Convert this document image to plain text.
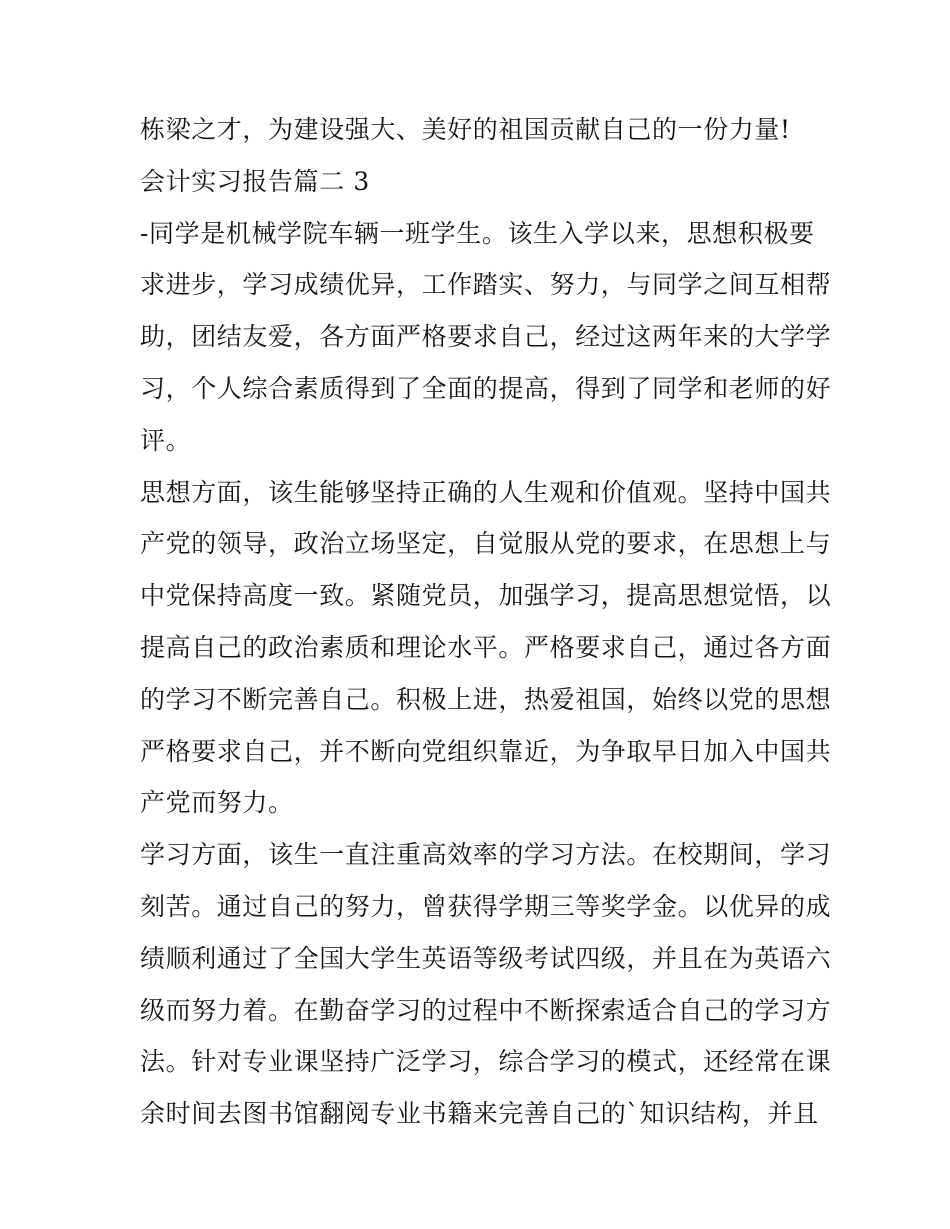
栋梁之才，为建设强大、美好的祖国贡献自己的一份力量!
会计实习报告篇二 3
-同学是机械学院车辆一班学生。该生入学以来，思想积极要
求进步，学习成绩优异，工作踏实、努力，与同学之间互相帮
助，团结友爱，各方面严格要求自己，经过这两年来的大学学
习，个人综合素质得到了全面的提高，得到了同学和老师的好
评。
思想方面，该生能够坚持正确的人生观和价值观。坚持中国共
产党的领导，政治立场坚定，自觉服从党的要求，在思想上与
中党保持高度一致。紧随党员，加强学习，提高思想觉悟，以
提高自己的政治素质和理论水平。严格要求自己，通过各方面
的学习不断完善自己。积极上进，热爱祖国，始终以党的思想
严格要求自己，并不断向党组织靠近，为争取早日加入中国共
产党而努力。
学习方面，该生一直注重高效率的学习方法。在校期间，学习
刻苦。通过自己的努力，曾获得学期三等奖学金。以优异的成
绩顺利通过了全国大学生英语等级考试四级，并且在为英语六
级而努力着。在勤奋学习的过程中不断探索适合自己的学习方
法。针对专业课坚持广泛学习，综合学习的模式，还经常在课
余时间去图书馆翻阅专业书籍来完善自己的`知识结构，并且
